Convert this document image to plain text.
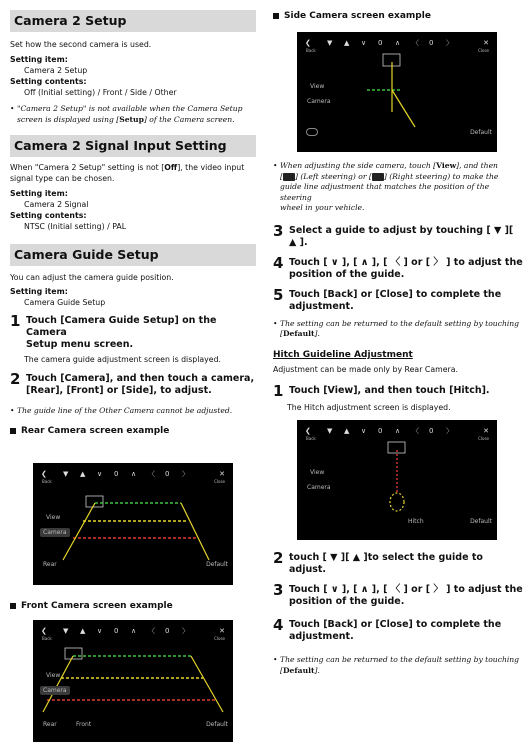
Camera 2 Setup
Set how the second camera is used.
Setting item:
Camera 2 Setup
Setting contents:
Off (Initial setting) / Front / Side / Other
• "Camera 2 Setup" is not available when the Camera Setup
screen is displayed using [Setup] of the Camera screen.
Camera 2 Signal Input Setting
When "Camera 2 Setup" setting is not [Off], the video input
signal type can be chosen.
Setting item:
Camera 2 Signal
Setting contents:
NTSC (Initial setting) / PAL
Camera Guide Setup
You can adjust the camera guide position.
Setting item:
Camera Guide Setup
1 Touch [Camera Guide Setup] on the Camera
Setup menu screen.
The camera guide adjustment screen is displayed.
2 Touch [Camera], and then touch a camera,
[Rear], [Front] or [Side], to adjust.
• The guide line of the Other Camera cannot be adjusted.
Rear Camera screen example
❮	▼	▲	∨	0	∧	〈	0	〉	✕
Back	Close
View
Camera
Rear	Default
Front Camera screen example
❮	▼	▲	∨	0	∧	〈	0	〉	✕
Back	Close
View
Camera
Rear	Front	Default
Side Camera screen example
❮	▼	▲	∨	0	∧	〈	0	〉	✕
Back	Close
View
Camera
Default
• When adjusting the side camera, touch [View], and then
[ ] (Left steering) or [ ] (Right steering) to make the
guide line adjustment that matches the position of the steering
wheel in your vehicle.
3 Select a guide to adjust by touching [ ▼ ][ ▲ ].
4 Touch [ ∨ ], [ ∧ ], [ 〈 ] or [ 〉 ] to adjust the
position of the guide.
5 Touch [Back] or [Close] to complete the
adjustment.
• The setting can be returned to the default setting by touching
[Default].
Hitch Guideline Adjustment
Adjustment can be made only by Rear Camera.
1 Touch [View], and then touch [Hitch].
The Hitch adjustment screen is displayed.
❮	▼	▲	∨	0	∧	〈	0	〉	✕
Back	Close
View
Camera
Hitch	Default
2 touch [ ▼ ][ ▲ ]to select the guide to adjust.
3 Touch [ ∨ ], [ ∧ ], [ 〈 ] or [ 〉 ] to adjust the
position of the guide.
4 Touch [Back] or [Close] to complete the
adjustment.
• The setting can be returned to the default setting by touching
[Default].
